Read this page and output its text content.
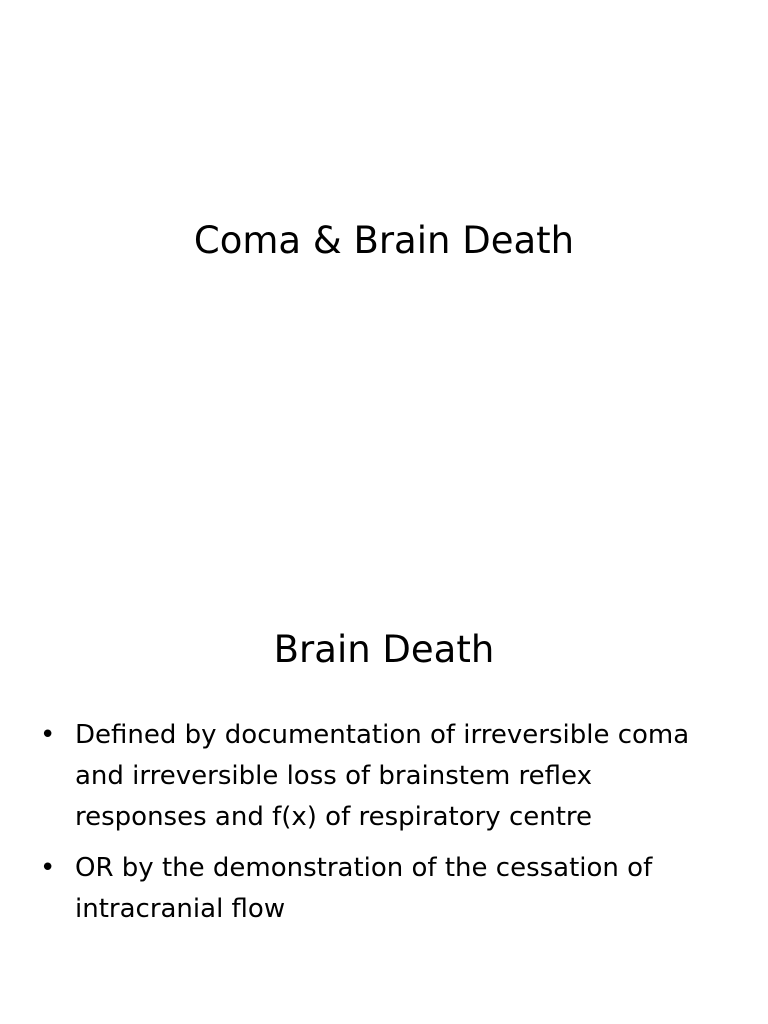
Coma & Brain Death
Brain Death
• Defined by documentation of irreversible coma and irreversible loss of brainstem reflex responses and f(x) of respiratory centre
• OR by the demonstration of the cessation of intracranial flow
